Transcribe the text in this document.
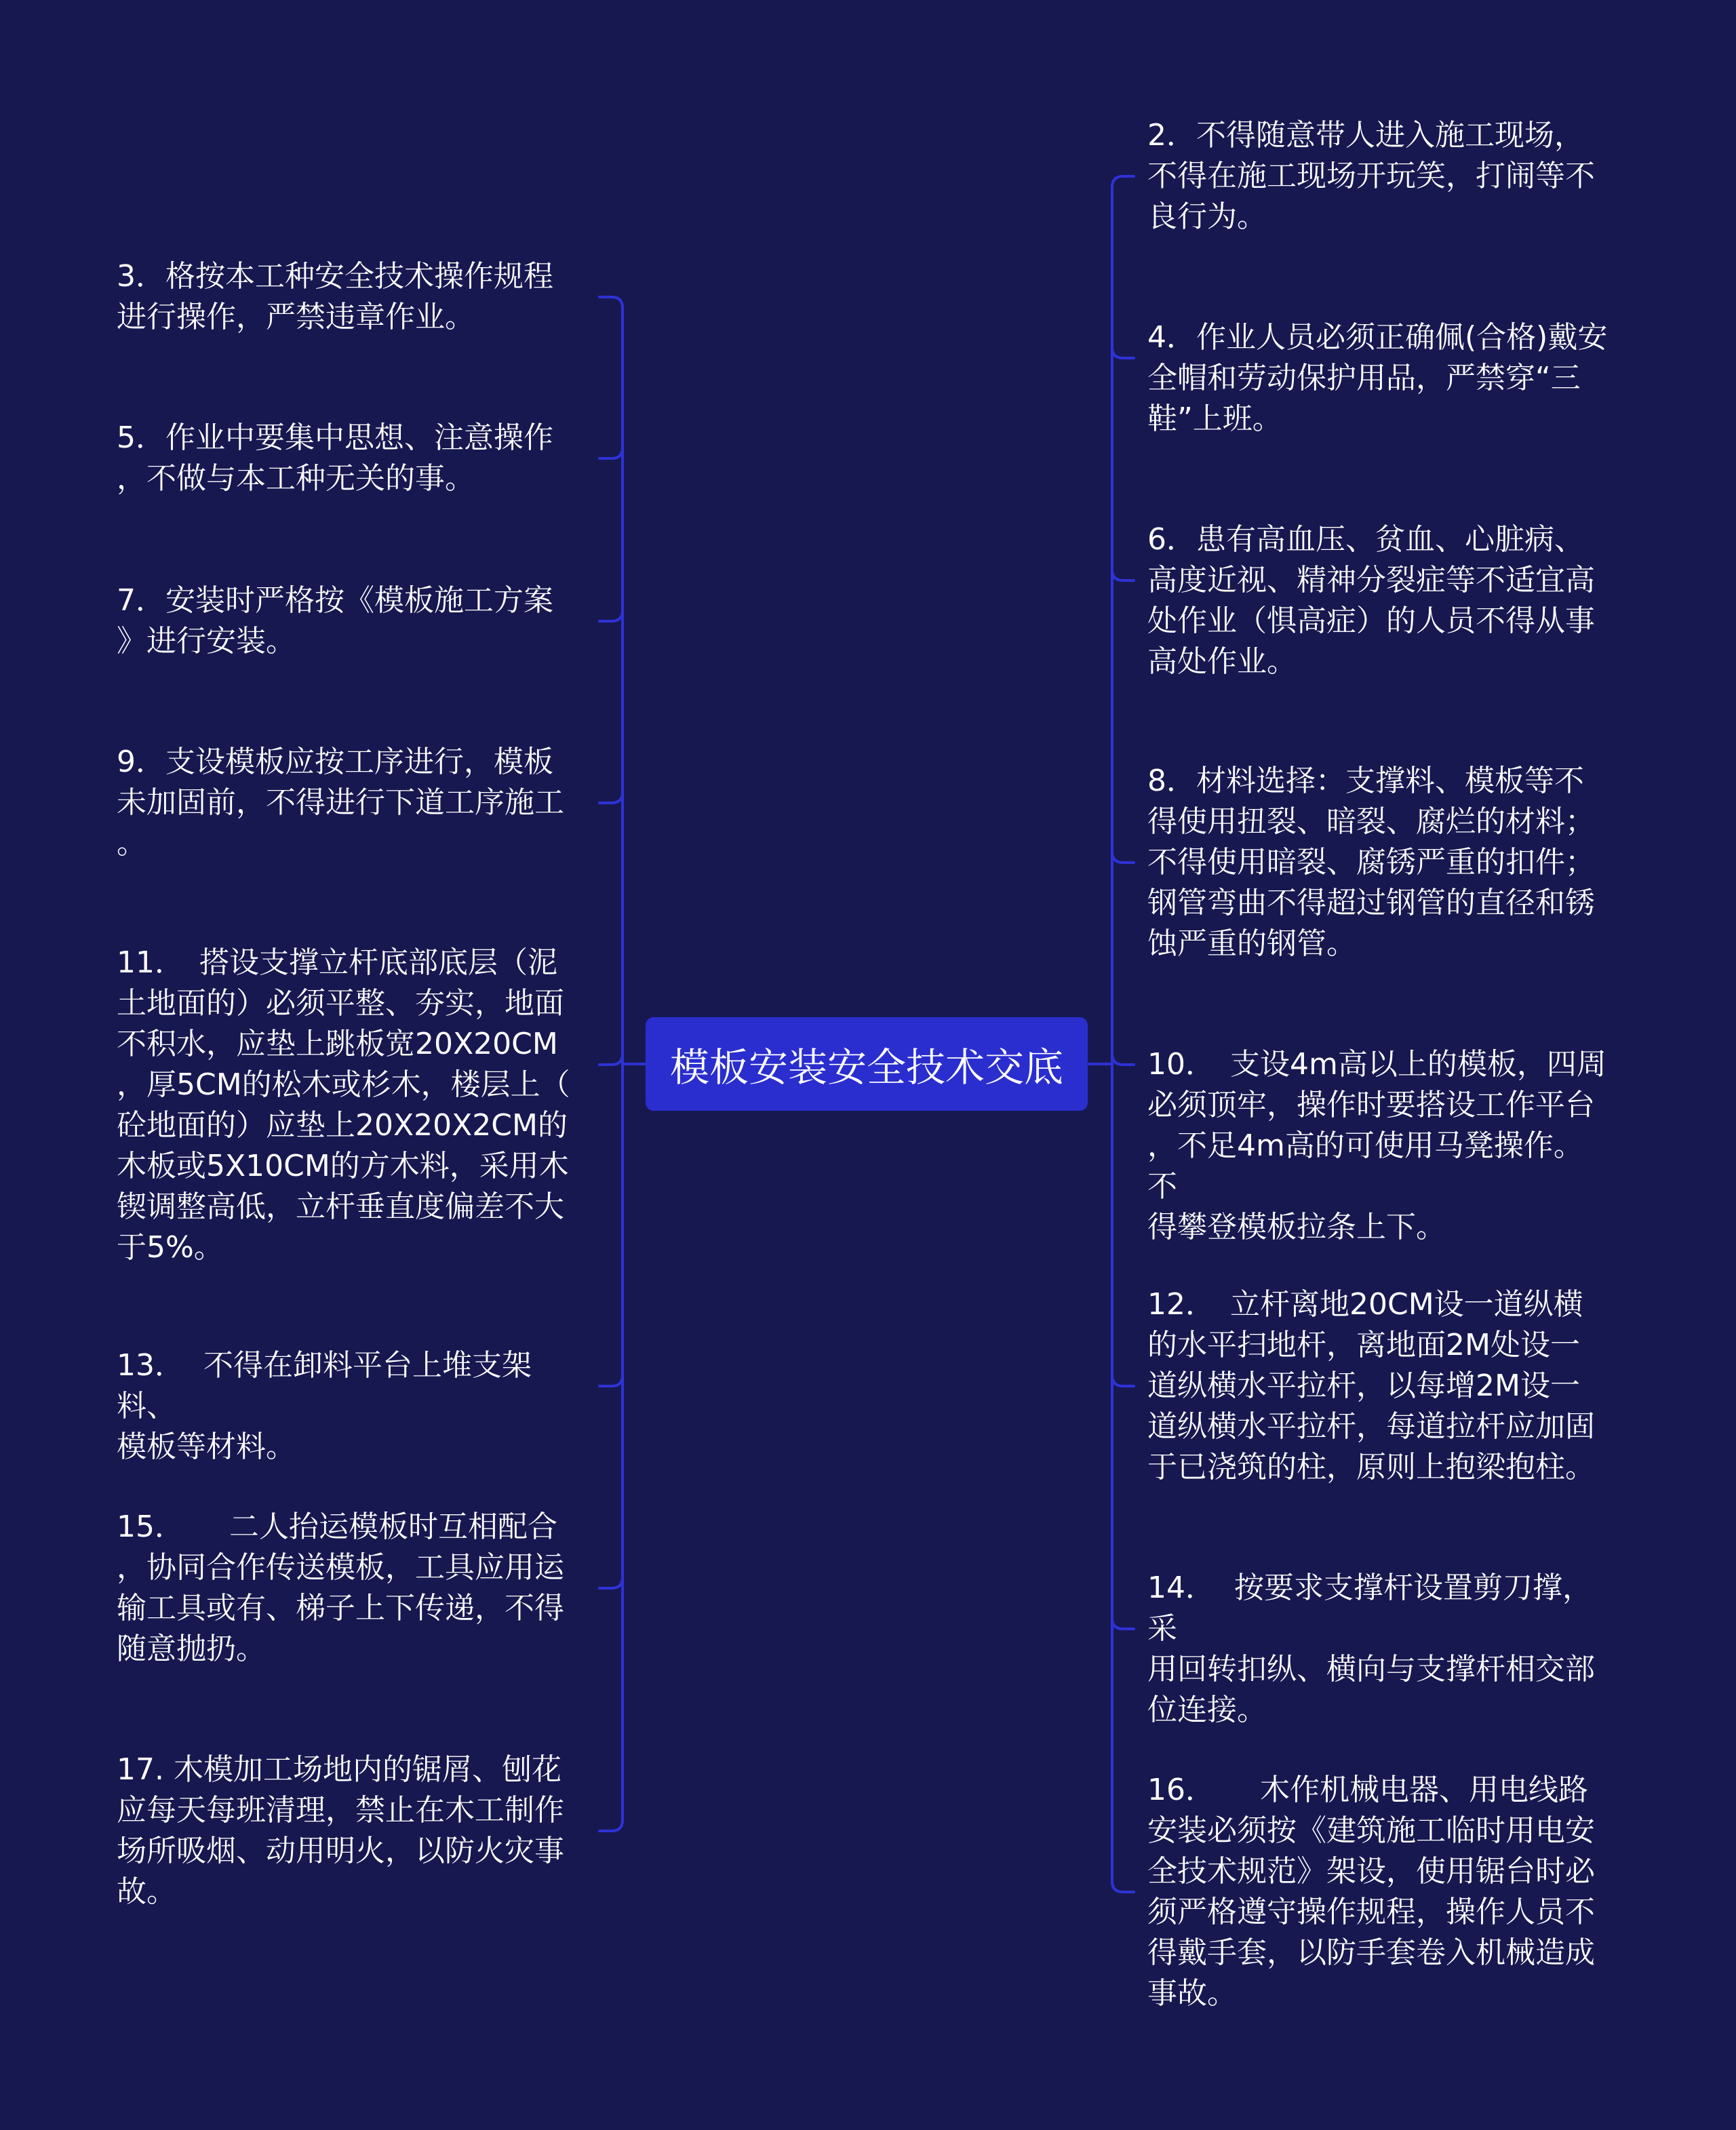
模板安装安全技术交底
3．格按本工种安全技术操作规程
进行操作，严禁违章作业。
5．作业中要集中思想、注意操作
，不做与本工种无关的事。
7．安装时严格按《模板施工方案
》进行安装。
9．支设模板应按工序进行，模板
未加固前，不得进行下道工序施工
。
11．　搭设支撑立杆底部底层（泥
土地面的）必须平整、夯实，地面
不积水，应垫上跳板宽20X20CM
，厚5CM的松木或杉木，楼层上（
砼地面的）应垫上20X20X2CM的
木板或5X10CM的方木料，采用木
锲调整高低，立杆垂直度偏差不大
于5%。
13．  不得在卸料平台上堆支架料、
模板等材料。
15．　　二人抬运模板时互相配合
，协同合作传送模板，工具应用运
输工具或有、梯子上下传递，不得
随意抛扔。
17. 木模加工场地内的锯屑、刨花
应每天每班清理，禁止在木工制作
场所吸烟、动用明火，以防火灾事
故。
2．不得随意带人进入施工现场，
不得在施工现场开玩笑，打闹等不
良行为。
4．作业人员必须正确佩(合格)戴安
全帽和劳动保护用品，严禁穿“三
鞋”上班。
6．患有高血压、贫血、心脏病、
高度近视、精神分裂症等不适宜高
处作业（惧高症）的人员不得从事
高处作业。
8．材料选择：支撑料、模板等不
得使用扭裂、暗裂、腐烂的材料；
不得使用暗裂、腐锈严重的扣件；
钢管弯曲不得超过钢管的直径和锈
蚀严重的钢管。
10．　支设4m高以上的模板，四周
必须顶牢，操作时要搭设工作平台
，不足4m高的可使用马凳操作。不
得攀登模板拉条上下。
12．　立杆离地20CM设一道纵横
的水平扫地杆，离地面2M处设一
道纵横水平拉杆，以每增2M设一
道纵横水平拉杆，每道拉杆应加固
于已浇筑的柱，原则上抱梁抱柱。
14．  按要求支撑杆设置剪刀撑，采
用回转扣纵、横向与支撑杆相交部
位连接。
16．　　木作机械电器、用电线路
安装必须按《建筑施工临时用电安
全技术规范》架设，使用锯台时必
须严格遵守操作规程，操作人员不
得戴手套，以防手套卷入机械造成
事故。
